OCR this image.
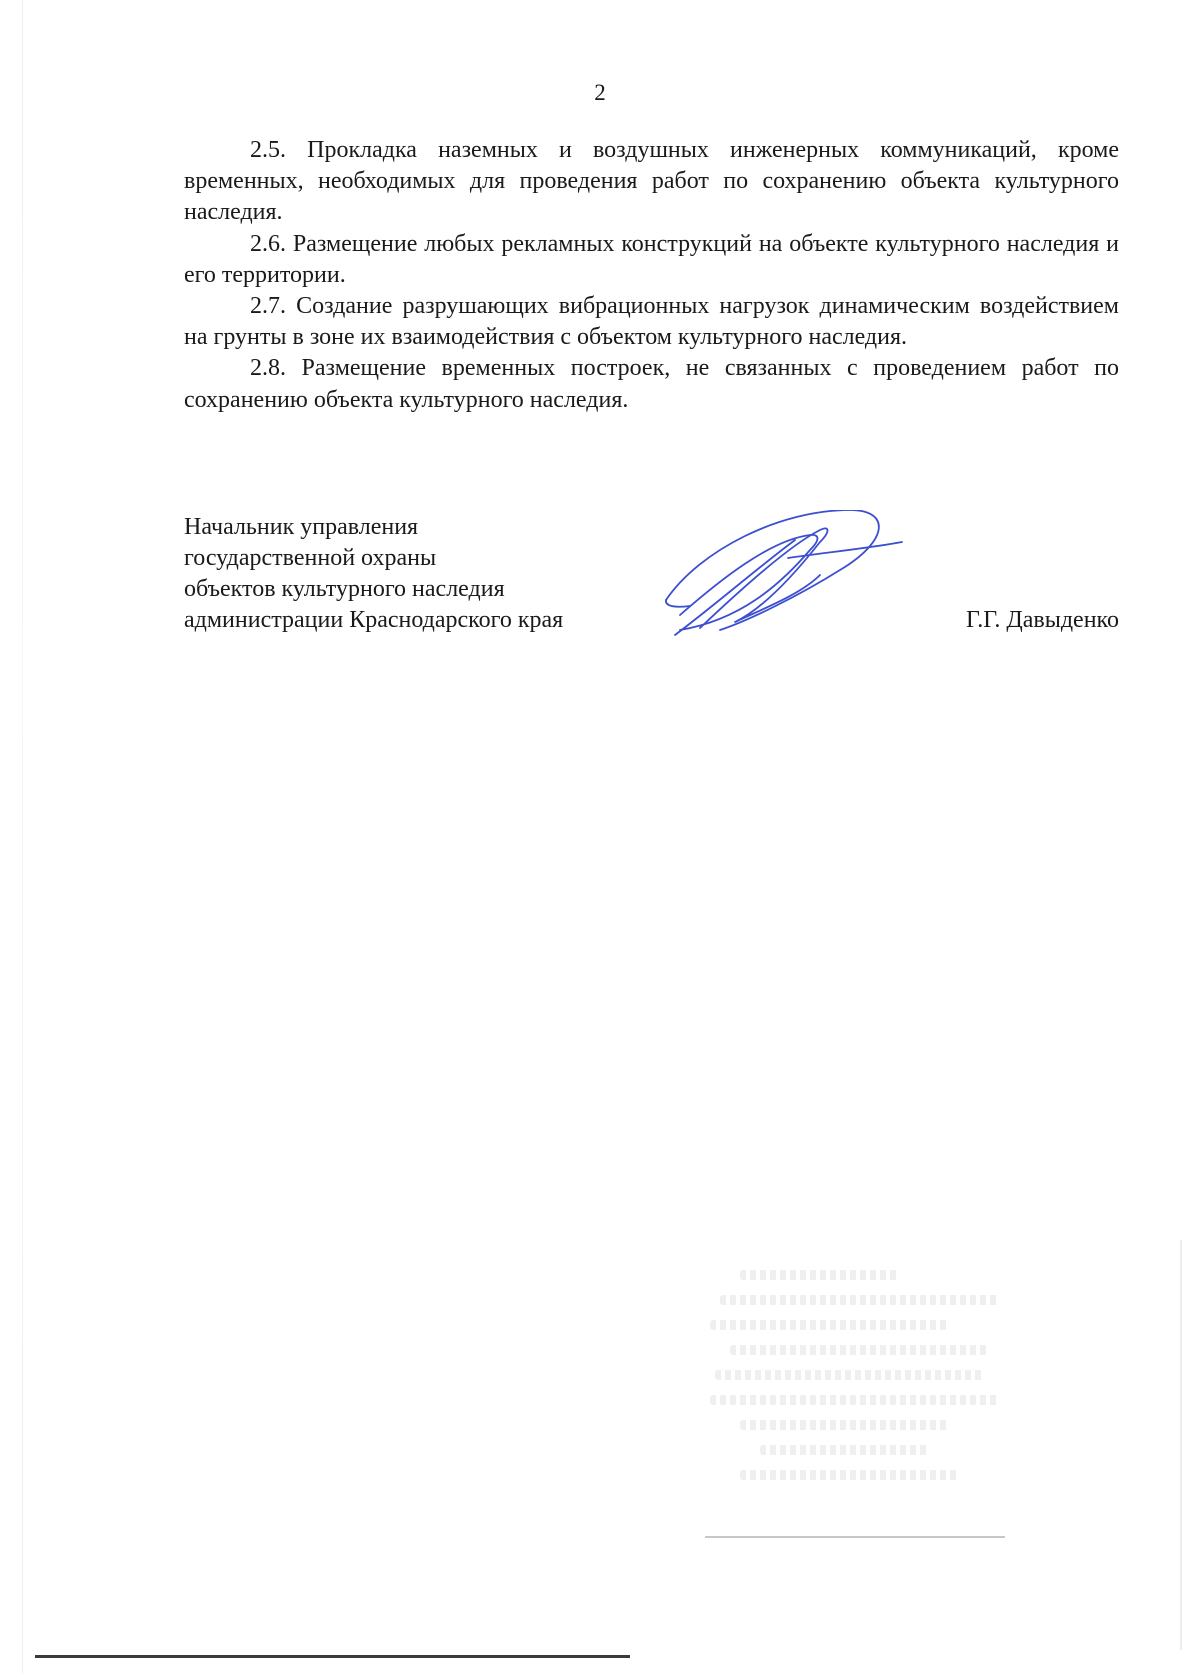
2

2.5. Прокладка наземных и воздушных инженерных коммуникаций, кроме временных, необходимых для проведения работ по сохранению объекта культурного наследия.

2.6. Размещение любых рекламных конструкций на объекте культурного наследия и его территории.

2.7. Создание разрушающих вибрационных нагрузок динамическим воздействием на грунты в зоне их взаимодействия с объектом культурного наследия.

2.8. Размещение временных построек, не связанных с проведением работ по сохранению объекта культурного наследия.

Начальник управления
государственной охраны
объектов культурного наследия
администрации Краснодарского края	Г.Г. Давыденко
